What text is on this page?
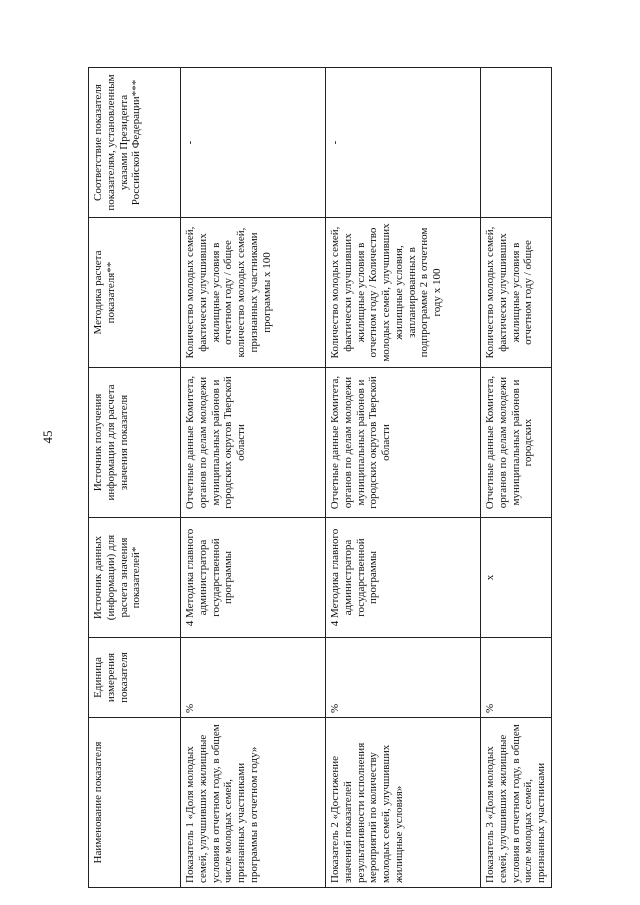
45
Наименование показателя	Единица измерения показателя	Источник данных (информации) для расчета значения показателей*	Источник получения информации для расчета значения показателя	Методика расчета показателя**	Соответствие показателя показателям, установленным указами Президента Российской Федерации***
Показатель 1 «Доля молодых семей, улучшивших жилищные условия в отчетном году, в общем числе молодых семей, признанных участниками программы в отчетном году»	%	4 Методика главного администратора государственной программы	Отчетные данные Комитета, органов по делам молодежи муниципальных районов и городских округов Тверской области	Количество молодых семей, фактически улучшивших жилищные условия в отчетном году / общее количество молодых семей, признанных участниками программы х 100	-
Показатель 2 «Достижение значений показателей результативности исполнения мероприятий по количеству молодых семей, улучшивших жилищные условия»	%	4 Методика главного администратора государственной программы	Отчетные данные Комитета, органов по делам молодежи муниципальных районов и городских округов Тверской области	Количество молодых семей, фактически улучшивших жилищные условия в отчетном году / Количество молодых семей, улучшивших жилищные условия, запланированных в подпрограмме 2 в отчетном году х 100	-
Показатель 3 «Доля молодых семей, улучшивших жилищные условия в отчетном году, в общем числе молодых семей, признанных участниками	%	х	Отчетные данные Комитета, органов по делам молодежи муниципальных районов и городских	Количество молодых семей, фактически улучшивших жилищные условия в отчетном году / общее	
